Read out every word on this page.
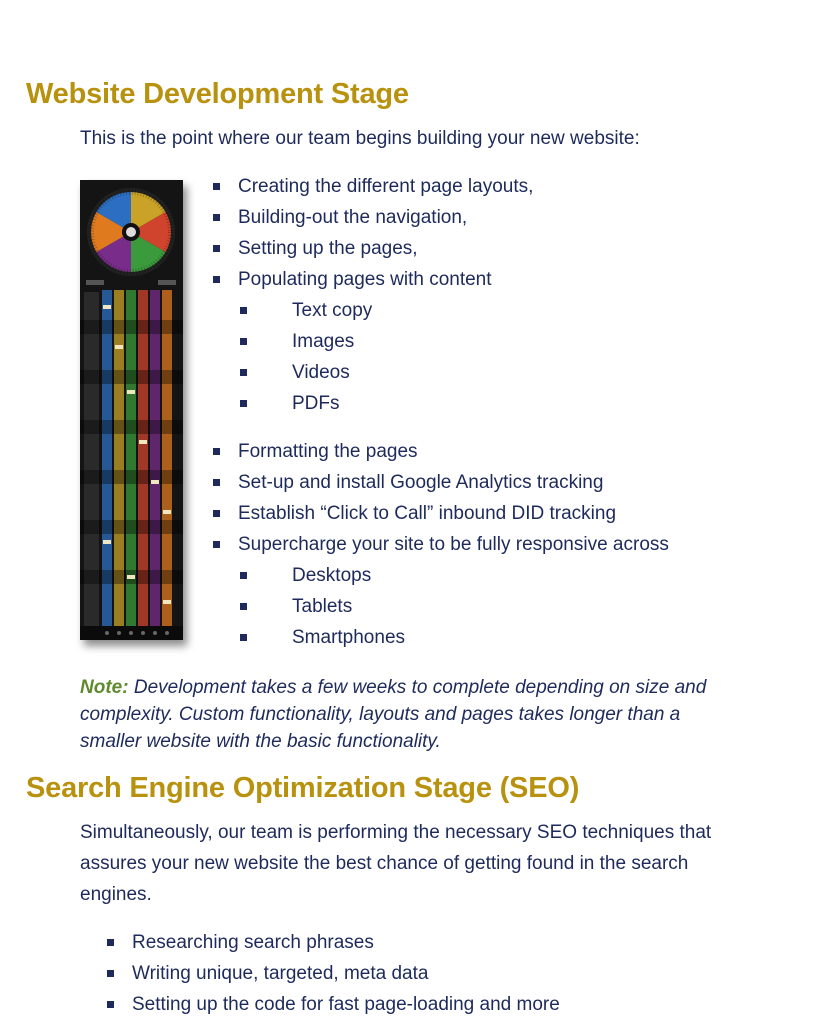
Website Development Stage

This is the point where our team begins building your new website:

Creating the different page layouts,
Building-out the navigation,
Setting up the pages,
Populating pages with content
Text copy
Images
Videos
PDFs
Formatting the pages
Set-up and install Google Analytics tracking
Establish “Click to Call” inbound DID tracking
Supercharge your site to be fully responsive across
Desktops
Tablets
Smartphones

Note: Development takes a few weeks to complete depending on size and complexity. Custom functionality, layouts and pages takes longer than a smaller website with the basic functionality.

Search Engine Optimization Stage (SEO)

Simultaneously, our team is performing the necessary SEO techniques that assures your new website the best chance of getting found in the search engines.

Researching search phrases
Writing unique, targeted, meta data
Setting up the code for fast page-loading and more
